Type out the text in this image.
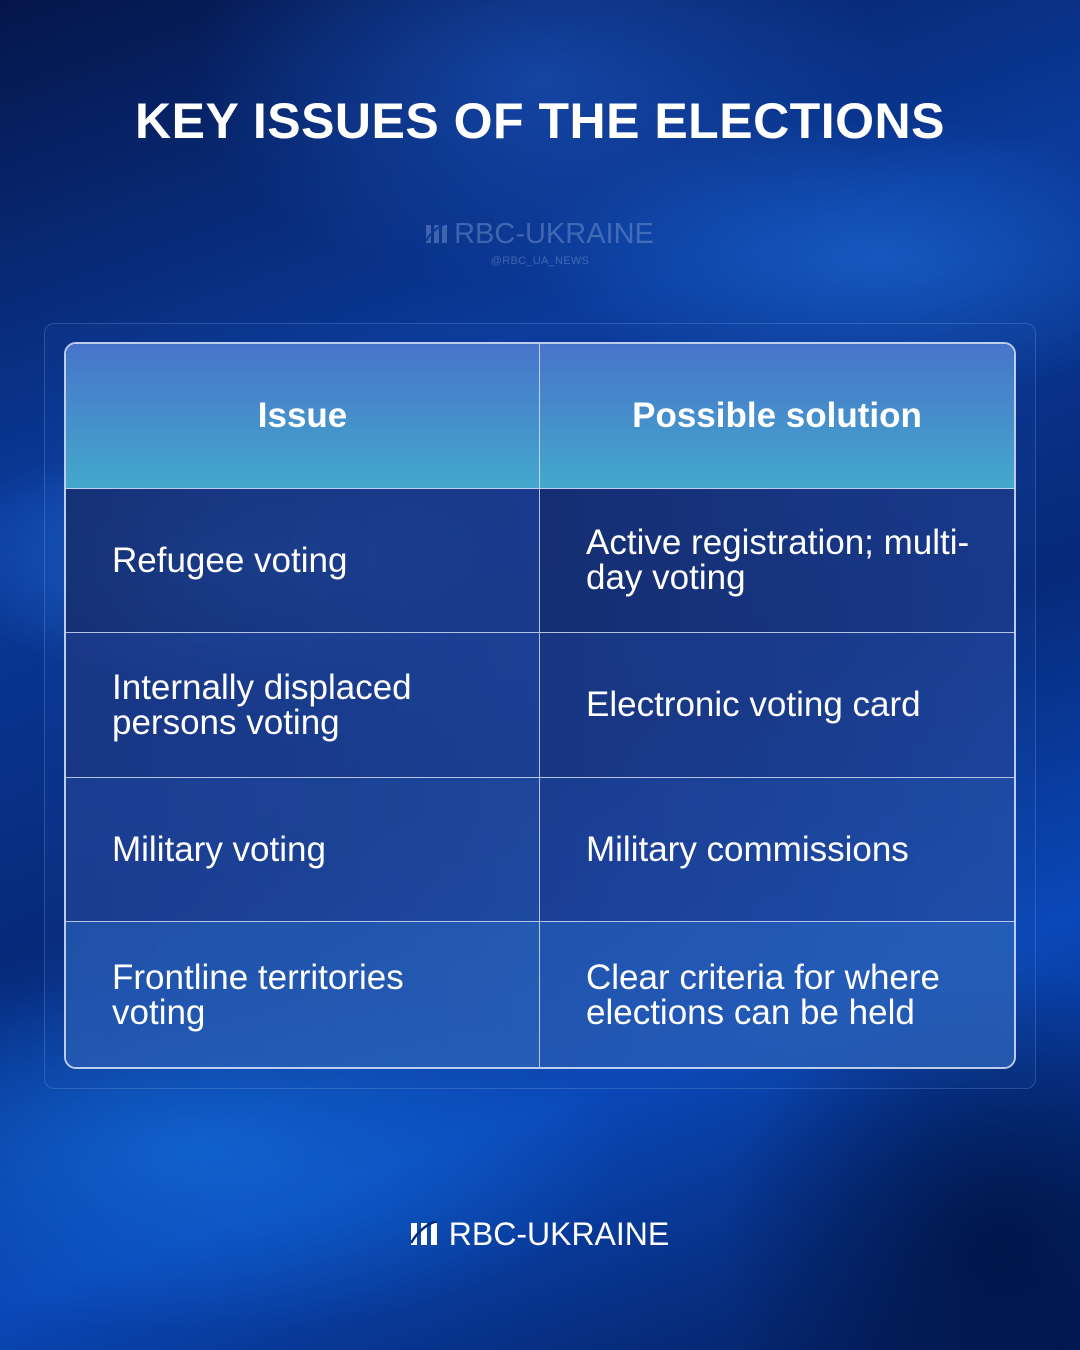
KEY ISSUES OF THE ELECTIONS
RBC-UKRAINE
@RBC_UA_NEWS
Issue	Possible solution
Refugee voting	Active registration; multi-day voting
Internally displaced persons voting	Electronic voting card
Military voting	Military commissions
Frontline territories voting	Clear criteria for where elections can be held
RBC-UKRAINE
